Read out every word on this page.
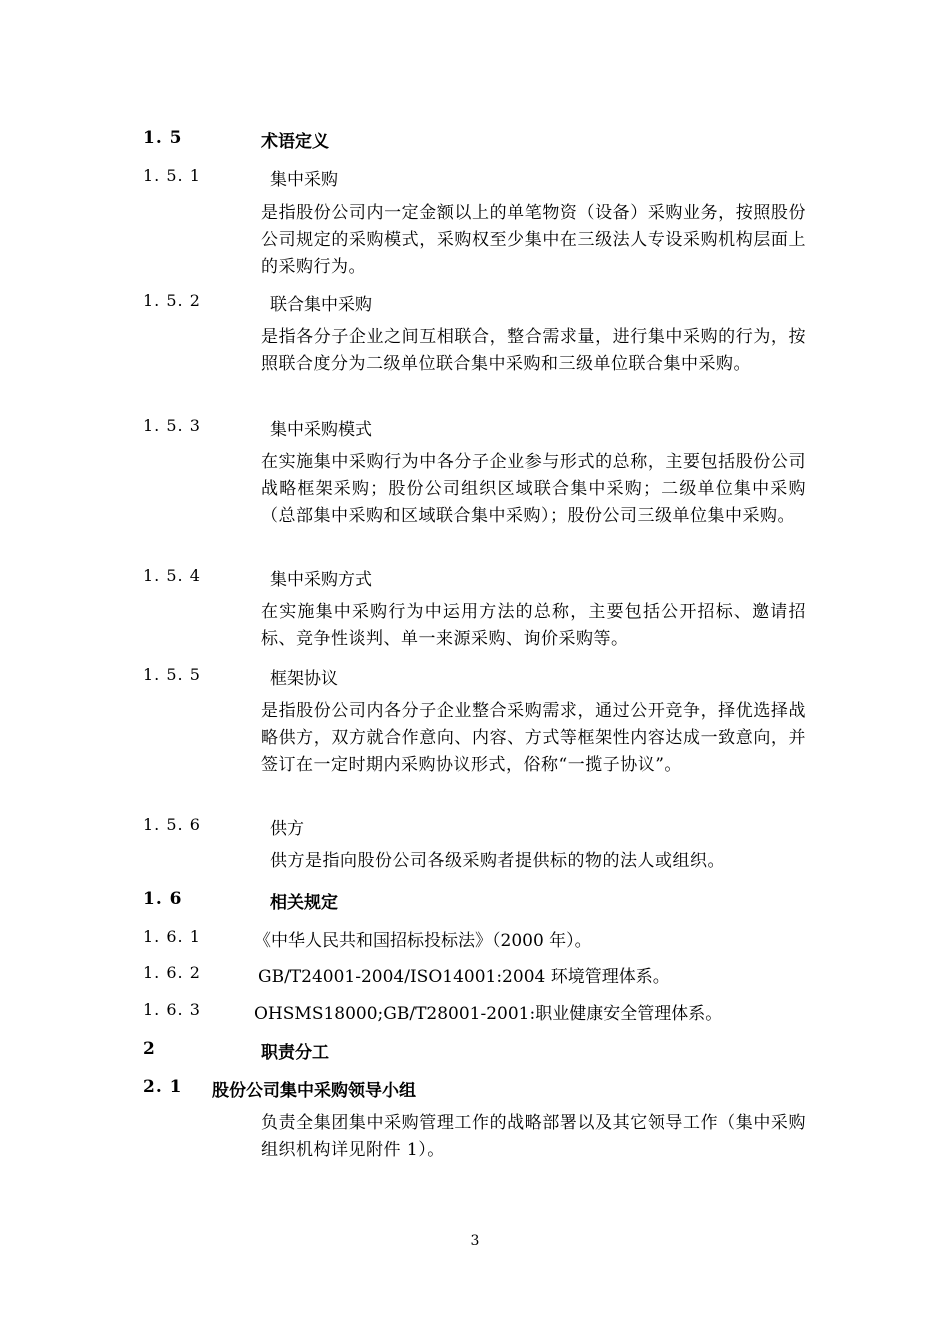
1. 5	术语定义
1. 5. 1	集中采购
是指股份公司内一定金额以上的单笔物资（设备）采购业务，按照股份公司规定的采购模式，采购权至少集中在三级法人专设采购机构层面上的采购行为。
1. 5. 2	联合集中采购
是指各分子企业之间互相联合，整合需求量，进行集中采购的行为，按照联合度分为二级单位联合集中采购和三级单位联合集中采购。
1. 5. 3	集中采购模式
在实施集中采购行为中各分子企业参与形式的总称，主要包括股份公司战略框架采购；股份公司组织区域联合集中采购；二级单位集中采购（总部集中采购和区域联合集中采购）；股份公司三级单位集中采购。
1. 5. 4	集中采购方式
在实施集中采购行为中运用方法的总称，主要包括公开招标、邀请招标、竞争性谈判、单一来源采购、询价采购等。
1. 5. 5	框架协议
是指股份公司内各分子企业整合采购需求，通过公开竞争，择优选择战略供方，双方就合作意向、内容、方式等框架性内容达成一致意向，并签订在一定时期内采购协议形式，俗称“一揽子协议”。
1. 5. 6	供方
供方是指向股份公司各级采购者提供标的物的法人或组织。
1. 6	相关规定
1. 6. 1	《中华人民共和国招标投标法》（2000 年）。
1. 6. 2	GB/T24001-2004/ISO14001:2004 环境管理体系。
1. 6. 3	OHSMS18000;GB/T28001-2001:职业健康安全管理体系。
2	职责分工
2. 1 股份公司集中采购领导小组
负责全集团集中采购管理工作的战略部署以及其它领导工作（集中采购组织机构详见附件 1）。
3
